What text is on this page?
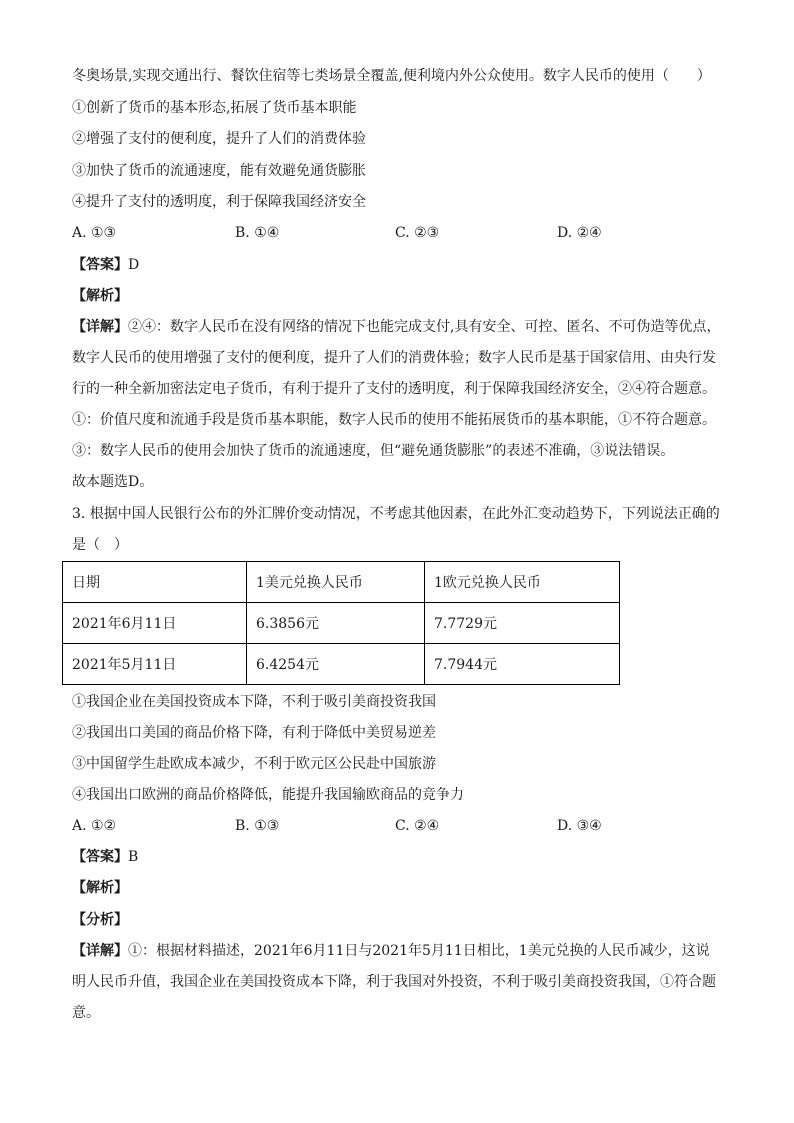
冬奥场景,实现交通出行、餐饮住宿等七类场景全覆盖,便利境内外公众使用。数字人民币的使用（　　）
①创新了货币的基本形态,拓展了货币基本职能
②增强了支付的便利度，提升了人们的消费体验
③加快了货币的流通速度，能有效避免通货膨胀
④提升了支付的透明度，利于保障我国经济安全
A. ①③	B. ①④	C. ②③	D. ②④
【答案】D
【解析】
【详解】②④：数字人民币在没有网络的情况下也能完成支付,具有安全、可控、匿名、不可伪造等优点，
数字人民币的使用增强了支付的便利度，提升了人们的消费体验；数字人民币是基于国家信用、由央行发
行的一种全新加密法定电子货币，有利于提升了支付的透明度，利于保障我国经济安全，②④符合题意。
①：价值尺度和流通手段是货币基本职能，数字人民币的使用不能拓展货币的基本职能，①不符合题意。
③：数字人民币的使用会加快了货币的流通速度，但“避免通货膨胀”的表述不准确，③说法错误。
故本题选D。
3. 根据中国人民银行公布的外汇牌价变动情况，不考虑其他因素，在此外汇变动趋势下，下列说法正确的
是（　）
日期	1美元兑换人民币	1欧元兑换人民币
2021年6月11日	6.3856元	7.7729元
2021年5月11日	6.4254元	7.7944元
①我国企业在美国投资成本下降，不利于吸引美商投资我国
②我国出口美国的商品价格下降，有利于降低中美贸易逆差
③中国留学生赴欧成本减少，不利于欧元区公民赴中国旅游
④我国出口欧洲的商品价格降低，能提升我国输欧商品的竞争力
A. ①②	B. ①③	C. ②④	D. ③④
【答案】B
【解析】
【分析】
【详解】①：根据材料描述，2021年6月11日与2021年5月11日相比，1美元兑换的人民币减少，这说
明人民币升值，我国企业在美国投资成本下降，利于我国对外投资，不利于吸引美商投资我国，①符合题
意。
